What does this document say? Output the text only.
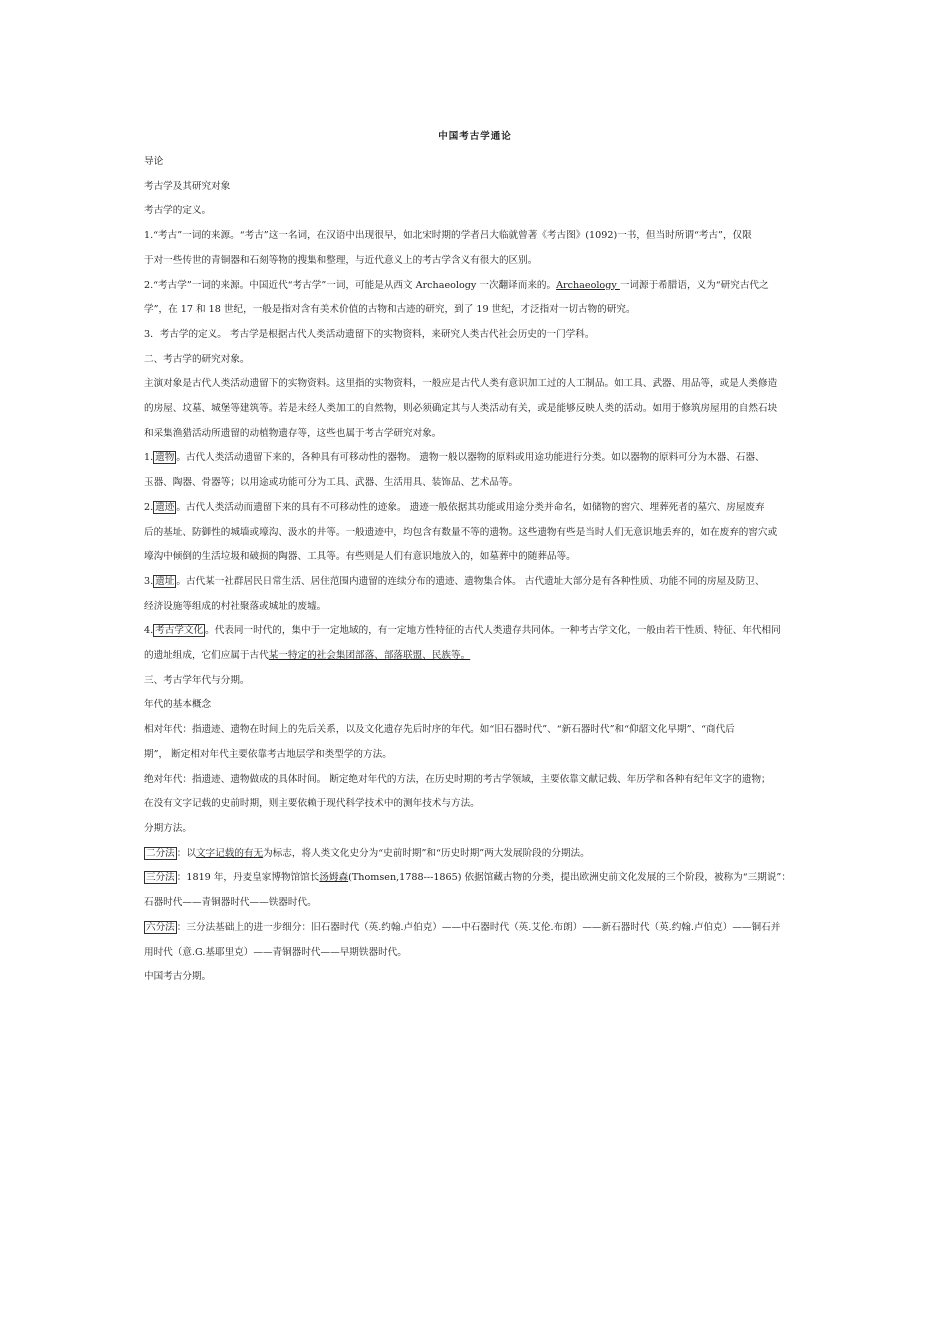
中国考古学通论

导论

考古学及其研究对象

考古学的定义。

1.“考古”一词的来源。“考古”这一名词，在汉语中出现很早，如北宋时期的学者吕大临就曾著《考古图》(1092)一书，但当时所谓“考古”，仅限

于对一些传世的青铜器和石刻等物的搜集和整理，与近代意义上的考古学含义有很大的区别。

2.“考古学”一词的来源。中国近代“考古学”一词，可能是从西文 Archaeology 一次翻译而来的。Archaeology 一词源于希腊语，义为“研究古代之

学”，在 17 和 18 世纪，一般是指对含有美术价值的古物和古迹的研究，到了 19 世纪，才泛指对一切古物的研究。

3．考古学的定义。 考古学是根据古代人类活动遗留下的实物资料，来研究人类古代社会历史的一门学科。

二、考古学的研究对象。

主演对象是古代人类活动遗留下的实物资料。这里指的实物资料，一般应是古代人类有意识加工过的人工制品。如工具、武器、用品等，或是人类修造

的房屋、坟墓、城堡等建筑等。若是未经人类加工的自然物，则必须确定其与人类活动有关，或是能够反映人类的活动。如用于修筑房屋用的自然石块

和采集渔猎活动所遗留的动植物遗存等，这些也属于考古学研究对象。

1. 遗物 。古代人类活动遗留下来的，各种具有可移动性的器物。 遗物一般以器物的原料或用途功能进行分类。如以器物的原料可分为木器、石器、

玉器、陶器、骨器等；以用途或功能可分为工具、武器、生活用具、装饰品、艺术品等。

2. 遗迹 。古代人类活动而遗留下来的具有不可移动性的迹象。 遗迹一般依据其功能或用途分类并命名，如储物的窖穴、埋葬死者的墓穴、房屋废弃

后的基址、防御性的城墙或壕沟、汲水的井等。一般遗迹中，均包含有数量不等的遗物。这些遗物有些是当时人们无意识地丢弃的，如在废弃的窖穴或

壕沟中倾倒的生活垃圾和破损的陶器、工具等。有些则是人们有意识地放入的，如墓葬中的随葬品等。

3. 遗址 。古代某一社群居民日常生活、居住范围内遗留的连续分布的遗迹、遗物集合体。 古代遗址大部分是有各种性质、功能不同的房屋及防卫、

经济设施等组成的村社聚落或城址的废墟。

4. 考古学文化 。代表同一时代的，集中于一定地域的，有一定地方性特征的古代人类遗存共同体。一种考古学文化，一般由若干性质、特征、年代相同

的遗址组成，它们应属于古代某一特定的社会集团部落、部落联盟、民族等。

三、考古学年代与分期。

年代的基本概念

相对年代：指遗迹、遗物在时间上的先后关系，以及文化遗存先后时序的年代。如“旧石器时代”、“新石器时代”和“仰韶文化早期”、“商代后

期”， 断定相对年代主要依靠考古地层学和类型学的方法。

绝对年代：指遗迹、遗物做成的具体时间。 断定绝对年代的方法，在历史时期的考古学领域，主要依靠文献记载、年历学和各种有纪年文字的遗物；

在没有文字记载的史前时期，则主要依赖于现代科学技术中的测年技术与方法。

分期方法。

二分法 ：以文字记载的有无为标志，将人类文化史分为“史前时期”和“历史时期”两大发展阶段的分期法。

三分法 ：1819 年，丹麦皇家博物馆馆长汤姆森(Thomsen,1788---1865) 依据馆藏古物的分类，提出欧洲史前文化发展的三个阶段，被称为“三期说”：

石器时代——青铜器时代——铁器时代。

六分法 ：三分法基础上的进一步细分：旧石器时代（英.约翰.卢伯克）——中石器时代（英.艾伦.布朗）——新石器时代（英.约翰.卢伯克）——铜石并

用时代（意.G.基耶里克）——青铜器时代——早期铁器时代。

中国考古分期。
